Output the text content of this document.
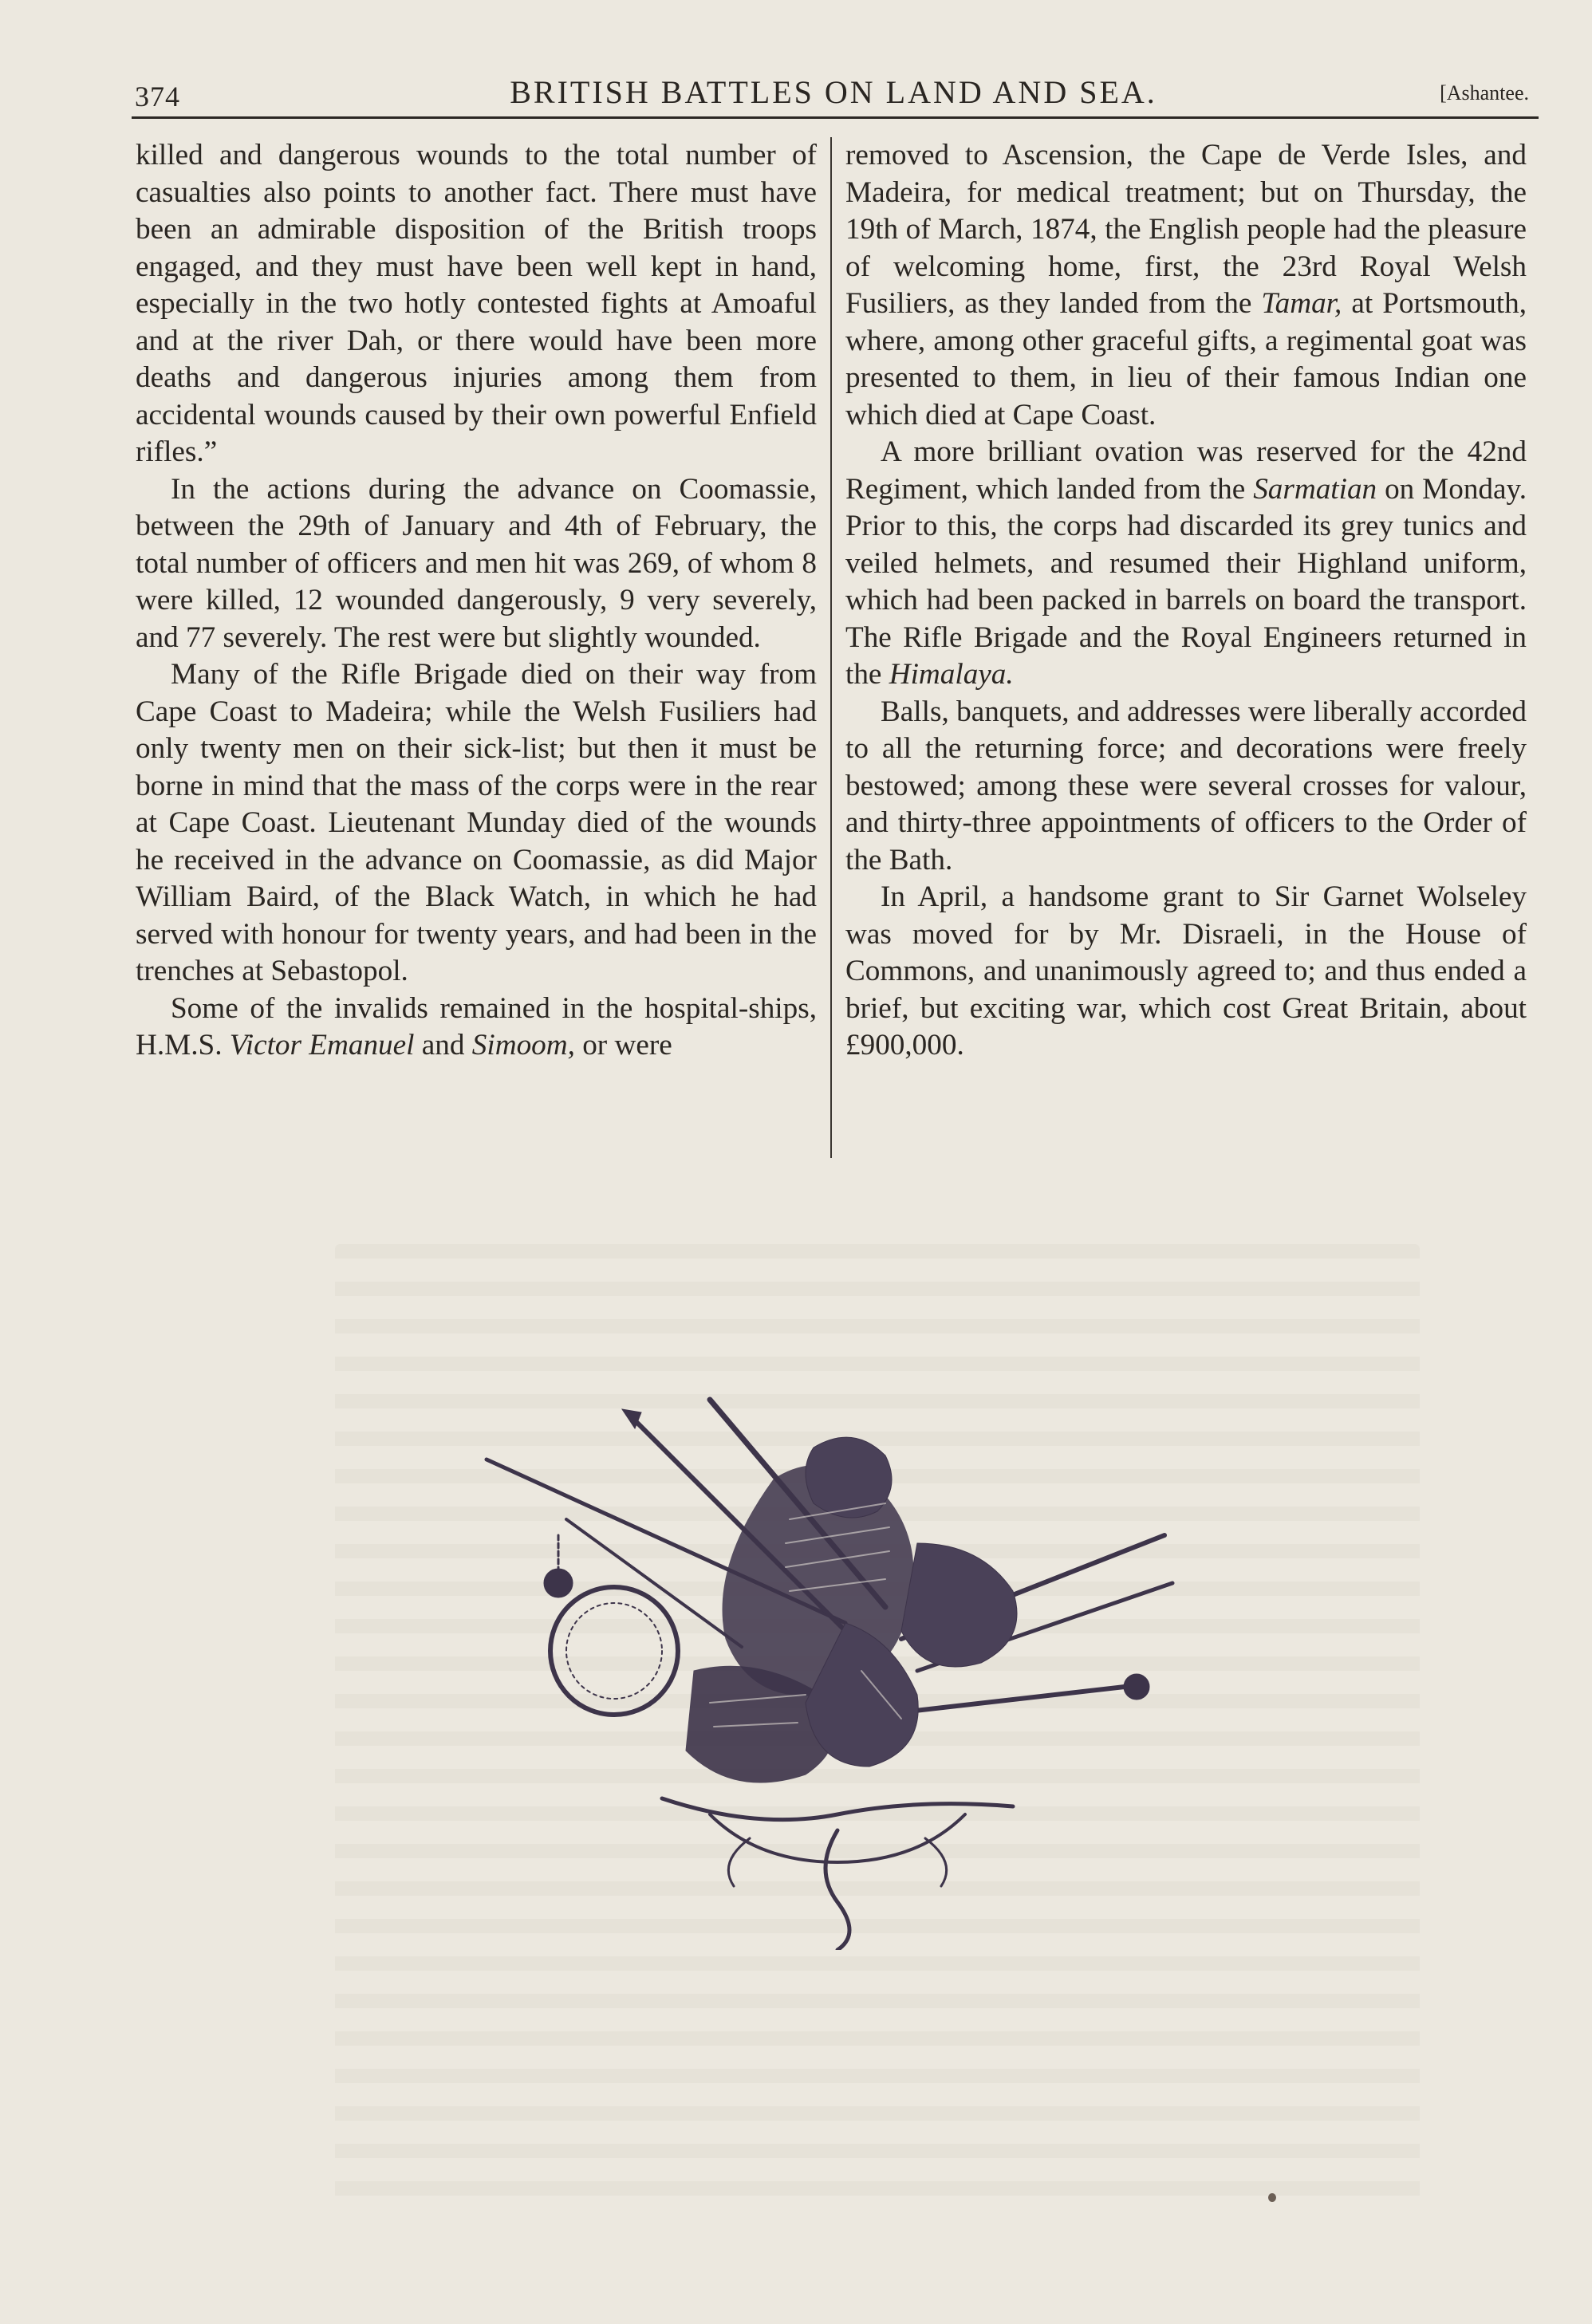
374	BRITISH BATTLES ON LAND AND SEA.	[Ashantee.

killed and dangerous wounds to the total number of casualties also points to another fact. There must have been an admirable disposition of the British troops engaged, and they must have been well kept in hand, especially in the two hotly contested fights at Amoaful and at the river Dah, or there would have been more deaths and dangerous injuries among them from accidental wounds caused by their own powerful Enfield rifles.”

In the actions during the advance on Coomassie, between the 29th of January and 4th of February, the total number of officers and men hit was 269, of whom 8 were killed, 12 wounded dangerously, 9 very severely, and 77 severely. The rest were but slightly wounded.

Many of the Rifle Brigade died on their way from Cape Coast to Madeira; while the Welsh Fusiliers had only twenty men on their sick-list; but then it must be borne in mind that the mass of the corps were in the rear at Cape Coast. Lieutenant Munday died of the wounds he received in the advance on Coomassie, as did Major William Baird, of the Black Watch, in which he had served with honour for twenty years, and had been in the trenches at Sebastopol.

Some of the invalids remained in the hospital-ships, H.M.S. Victor Emanuel and Simoom, or were

removed to Ascension, the Cape de Verde Isles, and Madeira, for medical treatment; but on Thursday, the 19th of March, 1874, the English people had the pleasure of welcoming home, first, the 23rd Royal Welsh Fusiliers, as they landed from the Tamar, at Portsmouth, where, among other graceful gifts, a regimental goat was presented to them, in lieu of their famous Indian one which died at Cape Coast.

A more brilliant ovation was reserved for the 42nd Regiment, which landed from the Sarmatian on Monday. Prior to this, the corps had discarded its grey tunics and veiled helmets, and resumed their Highland uniform, which had been packed in barrels on board the transport. The Rifle Brigade and the Royal Engineers returned in the Himalaya.

Balls, banquets, and addresses were liberally accorded to all the returning force; and decorations were freely bestowed; among these were several crosses for valour, and thirty-three appointments of officers to the Order of the Bath.

In April, a handsome grant to Sir Garnet Wolseley was moved for by Mr. Disraeli, in the House of Commons, and unanimously agreed to; and thus ended a brief, but exciting war, which cost Great Britain, about £900,000.
